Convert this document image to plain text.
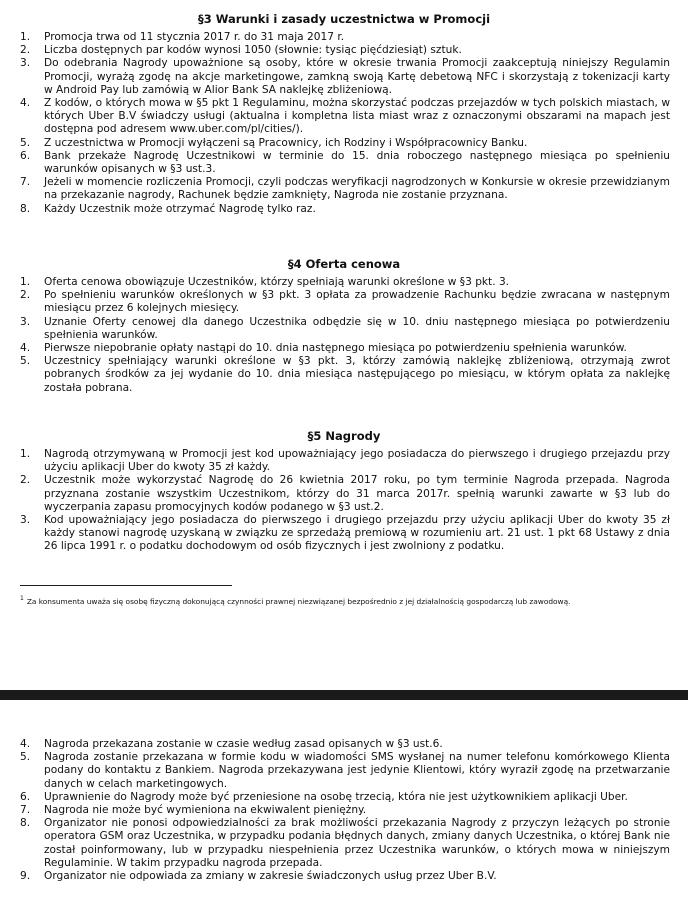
§3 Warunki i zasady uczestnictwa w Promocji
1. Promocja trwa od 11 stycznia 2017 r. do 31 maja 2017 r.
2. Liczba dostępnych par kodów wynosi 1050 (słownie: tysiąc pięćdziesiąt) sztuk.
3. Do odebrania Nagrody upoważnione są osoby, które w okresie trwania Promocji zaakceptują niniejszy Regulamin Promocji, wyrażą zgodę na akcje marketingowe, zamkną swoją Kartę debetową NFC i skorzystają z tokenizacji karty w Android Pay lub zamówią w Alior Bank SA naklejkę zbliżeniową.
4. Z kodów, o których mowa w §5 pkt 1 Regulaminu, można skorzystać podczas przejazdów w tych polskich miastach, w których Uber B.V świadczy usługi (aktualna i kompletna lista miast wraz z oznaczonymi obszarami na mapach jest dostępna pod adresem www.uber.com/pl/cities/).
5. Z uczestnictwa w Promocji wyłączeni są Pracownicy, ich Rodziny i Współpracownicy Banku.
6. Bank przekaże Nagrodę Uczestnikowi w terminie do 15. dnia roboczego następnego miesiąca po spełnieniu warunków opisanych w §3 ust.3.
7. Jeżeli w momencie rozliczenia Promocji, czyli podczas weryfikacji nagrodzonych w Konkursie w okresie przewidzianym na przekazanie nagrody, Rachunek będzie zamknięty, Nagroda nie zostanie przyznana.
8. Każdy Uczestnik może otrzymać Nagrodę tylko raz.
§4 Oferta cenowa
1. Oferta cenowa obowiązuje Uczestników, którzy spełniają warunki określone w §3 pkt. 3.
2. Po spełnieniu warunków określonych w §3 pkt. 3 opłata za prowadzenie Rachunku będzie zwracana w następnym miesiącu przez 6 kolejnych miesięcy.
3. Uznanie Oferty cenowej dla danego Uczestnika odbędzie się w 10. dniu następnego miesiąca po potwierdzeniu spełnienia warunków.
4. Pierwsze niepobranie opłaty nastąpi do 10. dnia następnego miesiąca po potwierdzeniu spełnienia warunków.
5. Uczestnicy spełniający warunki określone w §3 pkt. 3, którzy zamówią naklejkę zbliżeniową, otrzymają zwrot pobranych środków za jej wydanie do 10. dnia miesiąca następującego po miesiącu, w którym opłata za naklejkę została pobrana.
§5 Nagrody
1. Nagrodą otrzymywaną w Promocji jest kod upoważniający jego posiadacza do pierwszego i drugiego przejazdu przy użyciu aplikacji Uber do kwoty 35 zł każdy.
2. Uczestnik może wykorzystać Nagrodę do 26 kwietnia 2017 roku, po tym terminie Nagroda przepada. Nagroda przyznana zostanie wszystkim Uczestnikom, którzy do 31 marca 2017r. spełnią warunki zawarte w §3 lub do wyczerpania zapasu promocyjnych kodów podanego w §3 ust.2.
3. Kod upoważniający jego posiadacza do pierwszego i drugiego przejazdu przy użyciu aplikacji Uber do kwoty 35 zł każdy stanowi nagrodę uzyskaną w związku ze sprzedażą premiową w rozumieniu art. 21 ust. 1 pkt 68 Ustawy z dnia 26 lipca 1991 r. o podatku dochodowym od osób fizycznych i jest zwolniony z podatku.
$^1$ Za konsumenta uważa się osobę fizyczną dokonującą czynności prawnej niezwiązanej bezpośrednio z jej działalnością gospodarczą lub zawodową.
4. Nagroda przekazana zostanie w czasie według zasad opisanych w §3 ust.6.
5. Nagroda zostanie przekazana w formie kodu w wiadomości SMS wysłanej na numer telefonu komórkowego Klienta podany do kontaktu z Bankiem. Nagroda przekazywana jest jedynie Klientowi, który wyraził zgodę na przetwarzanie danych w celach marketingowych.
6. Uprawnienie do Nagrody może być przeniesione na osobę trzecią, która nie jest użytkownikiem aplikacji Uber.
7. Nagroda nie może być wymieniona na ekwiwalent pieniężny.
8. Organizator nie ponosi odpowiedzialności za brak możliwości przekazania Nagrody z przyczyn leżących po stronie operatora GSM oraz Uczestnika, w przypadku podania błędnych danych, zmiany danych Uczestnika, o której Bank nie został poinformowany, lub w przypadku niespełnienia przez Uczestnika warunków, o których mowa w niniejszym Regulaminie. W takim przypadku nagroda przepada.
9. Organizator nie odpowiada za zmiany w zakresie świadczonych usług przez Uber B.V.
